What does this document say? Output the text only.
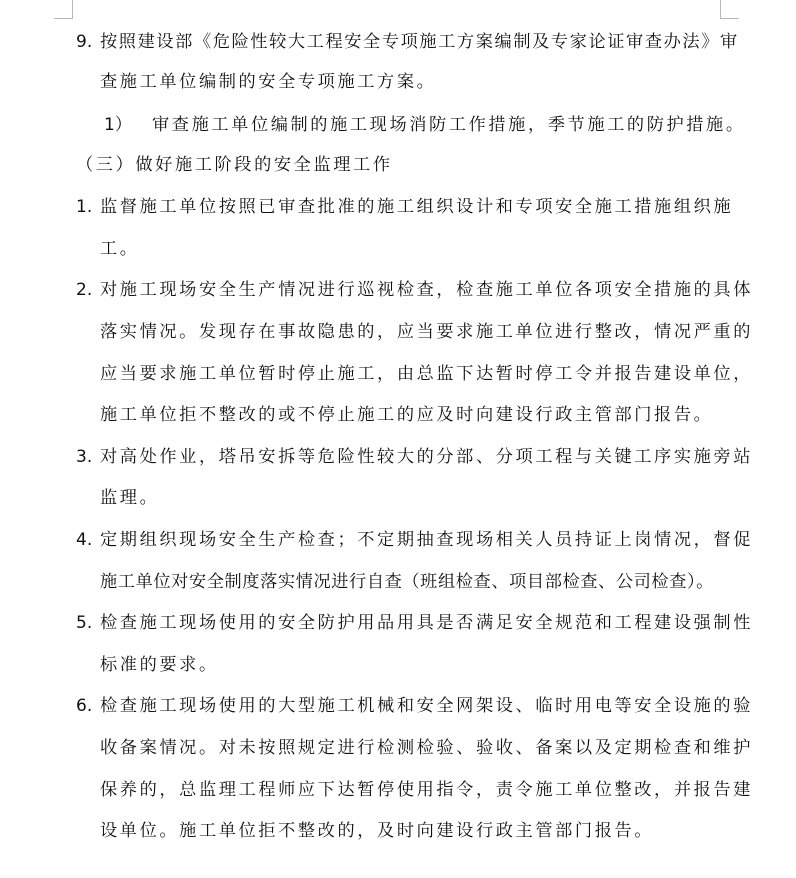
9. 按照建设部《危险性较大工程安全专项施工方案编制及专家论证审查办法》审
查施工单位编制的安全专项施工方案。
1） 审查施工单位编制的施工现场消防工作措施，季节施工的防护措施。
（三）做好施工阶段的安全监理工作
1. 监督施工单位按照已审查批准的施工组织设计和专项安全施工措施组织施
工。
2. 对施工现场安全生产情况进行巡视检查，检查施工单位各项安全措施的具体
落实情况。发现存在事故隐患的，应当要求施工单位进行整改，情况严重的
应当要求施工单位暂时停止施工，由总监下达暂时停工令并报告建设单位，
施工单位拒不整改的或不停止施工的应及时向建设行政主管部门报告。
3. 对高处作业，塔吊安拆等危险性较大的分部、分项工程与关键工序实施旁站
监理。
4. 定期组织现场安全生产检查；不定期抽查现场相关人员持证上岗情况，督促
施工单位对安全制度落实情况进行自查（班组检查、项目部检查、公司检查）。
5. 检查施工现场使用的安全防护用品用具是否满足安全规范和工程建设强制性
标准的要求。
6. 检查施工现场使用的大型施工机械和安全网架设、临时用电等安全设施的验
收备案情况。对未按照规定进行检测检验、验收、备案以及定期检查和维护
保养的，总监理工程师应下达暂停使用指令，责令施工单位整改，并报告建
设单位。施工单位拒不整改的，及时向建设行政主管部门报告。
